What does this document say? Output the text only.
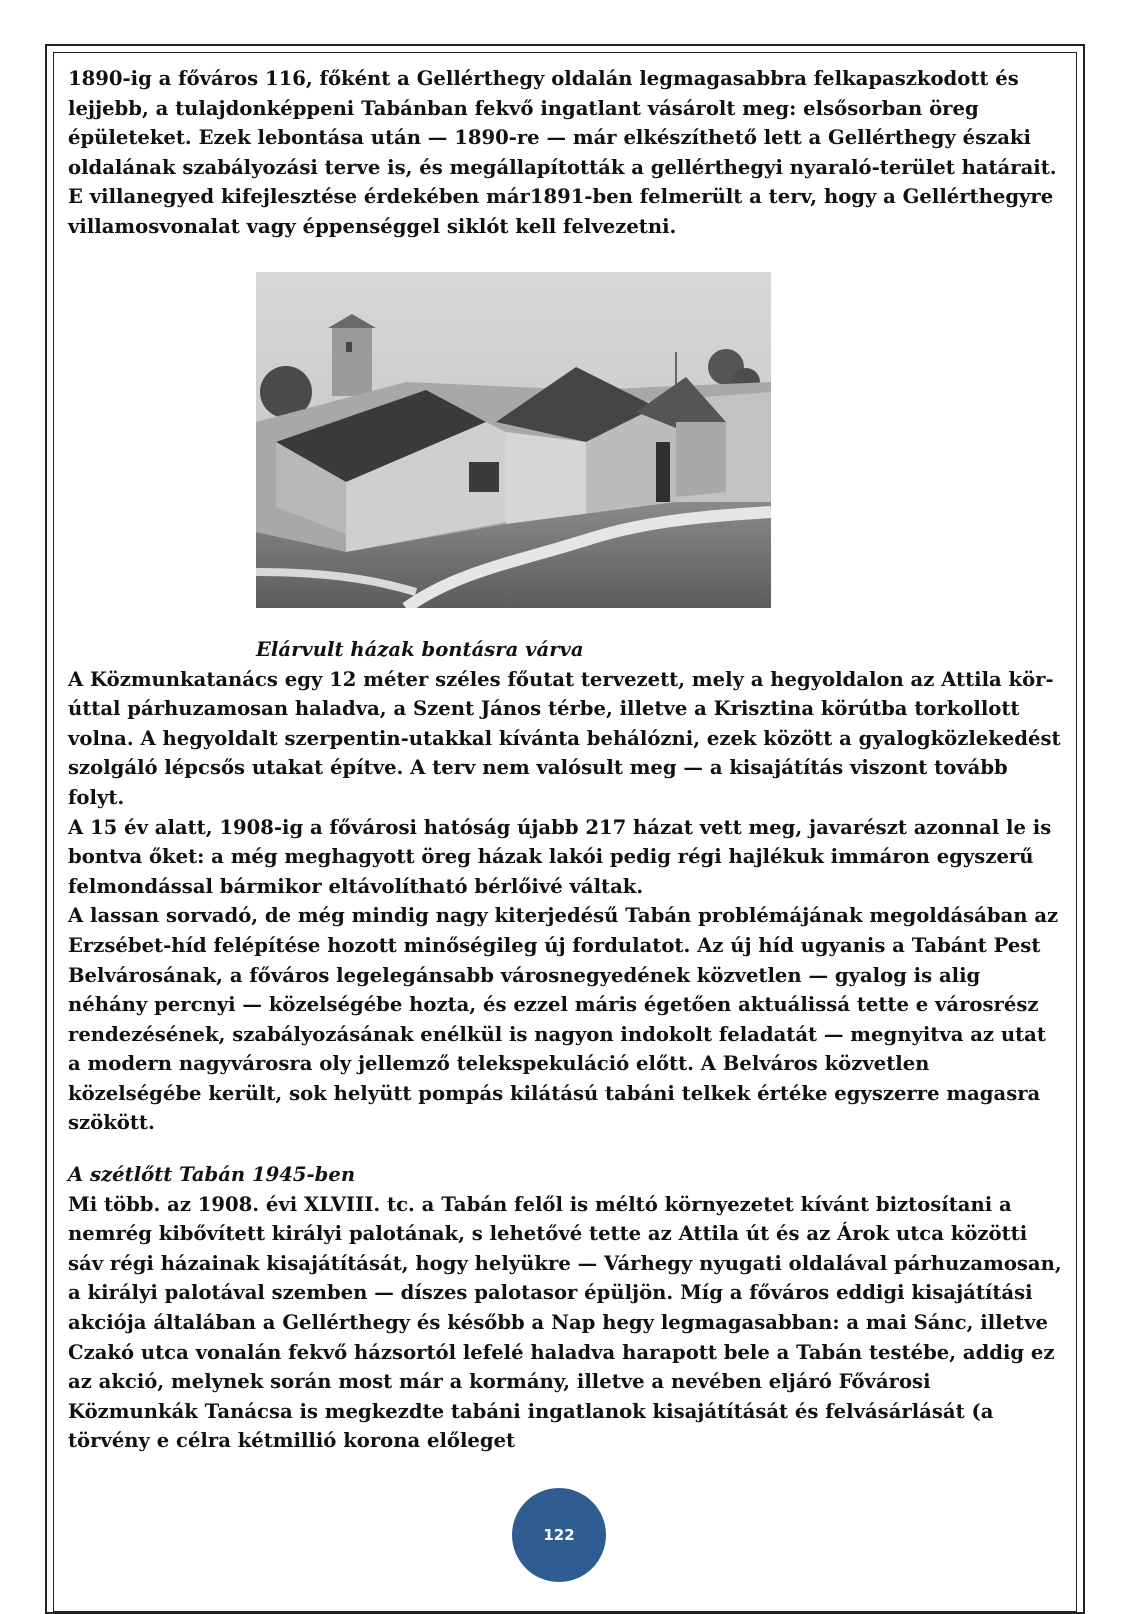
1890-ig a főváros 116, főként a Gellérthegy oldalán legmagasabbra felkapaszkodott és lejjebb, a tulajdonképpeni Tabánban fekvő ingatlant vásárolt meg: elsősorban öreg épületeket. Ezek lebontása után — 1890-re — már elkészíthető lett a Gellérthegy északi oldalának szabályozási terve is, és megállapították a gellérthegyi nyaraló-terület határait. E villanegyed kifejlesztése érdekében már1891-ben felmerült a terv, hogy a Gellérthegyre villamosvonalat vagy éppenséggel siklót kell felvezetni.

Elárvult házak bontásra várva

A Közmunkatanács egy 12 méter széles főutat tervezett, mely a hegyoldalon az Attila kör-úttal párhuzamosan haladva, a Szent János térbe, illetve a Krisztina körútba torkollott volna. A hegyoldalt szerpentin-utakkal kívánta behálózni, ezek között a gyalogközlekedést szolgáló lépcsős utakat építve. A terv nem valósult meg — a kisajátítás viszont tovább folyt.

A 15 év alatt, 1908-ig a fővárosi hatóság újabb 217 házat vett meg, javarészt azonnal le is bontva őket: a még meghagyott öreg házak lakói pedig régi hajlékuk immáron egyszerű felmondással bármikor eltávolítható bérlőivé váltak.

A lassan sorvadó, de még mindig nagy kiterjedésű Tabán problémájának megoldásában az Erzsébet-híd felépítése hozott minőségileg új fordulatot. Az új híd ugyanis a Tabánt Pest Belvárosának, a főváros legelegánsabb városnegyedének közvetlen — gyalog is alig néhány percnyi — közelségébe hozta, és ezzel máris égetően aktuálissá tette e városrész rendezésének, szabályozásának enélkül is nagyon indokolt feladatát — megnyitva az utat a modern nagyvárosra oly jellemző telekspekuláció előtt. A Belváros közvetlen közelségébe került, sok helyütt pompás kilátású tabáni telkek értéke egyszerre magasra szökött.

A szétlőtt Tabán 1945-ben

Mi több. az 1908. évi XLVIII. tc. a Tabán felől is méltó környezetet kívánt biztosítani a nemrég kibővített királyi palotának, s lehetővé tette az Attila út és az Árok utca közötti sáv régi házainak kisajátítását, hogy helyükre — Várhegy nyugati oldalával párhuzamosan, a királyi palotával szemben — díszes palotasor épüljön. Míg a főváros eddigi kisajátítási akciója általában a Gellérthegy és később a Nap hegy legmagasabban: a mai Sánc, illetve Czakó utca vonalán fekvő házsortól lefelé haladva harapott bele a Tabán testébe, addig ez az akció, melynek során most már a kormány, illetve a nevében eljáró Fővárosi Közmunkák Tanácsa is megkezdte tabáni ingatlanok kisajátítását és felvásárlását (a törvény e célra kétmillió korona előleget

122
